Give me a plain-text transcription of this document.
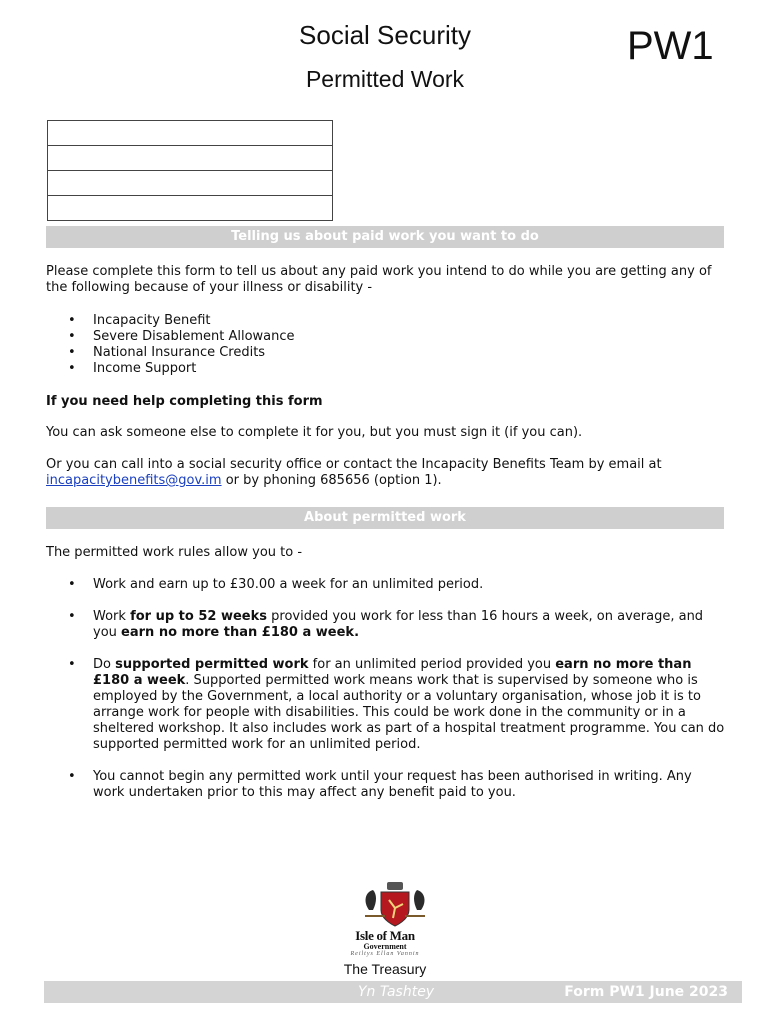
Social Security
Permitted Work
PW1
Telling us about paid work you want to do

Please complete this form to tell us about any paid work you intend to do while you are getting any of the following because of your illness or disability -

• Incapacity Benefit
• Severe Disablement Allowance
• National Insurance Credits
• Income Support

If you need help completing this form

You can ask someone else to complete it for you, but you must sign it (if you can).

Or you can call into a social security office or contact the Incapacity Benefits Team by email at
incapacitybenefits@gov.im or by phoning 685656 (option 1).

About permitted work

The permitted work rules allow you to -

• Work and earn up to £30.00 a week for an unlimited period.
• Work for up to 52 weeks provided you work for less than 16 hours a week, on average, and you earn no more than £180 a week.
• Do supported permitted work for an unlimited period provided you earn no more than £180 a week. Supported permitted work means work that is supervised by someone who is employed by the Government, a local authority or a voluntary organisation, whose job it is to arrange work for people with disabilities. This could be work done in the community or in a sheltered workshop. It also includes work as part of a hospital treatment programme. You can do supported permitted work for an unlimited period.
• You cannot begin any permitted work until your request has been authorised in writing. Any work undertaken prior to this may affect any benefit paid to you.
Isle of Man
Government
Reiltys Ellan Vannin
The Treasury
Yn Tashtey	Form PW1 June 2023
